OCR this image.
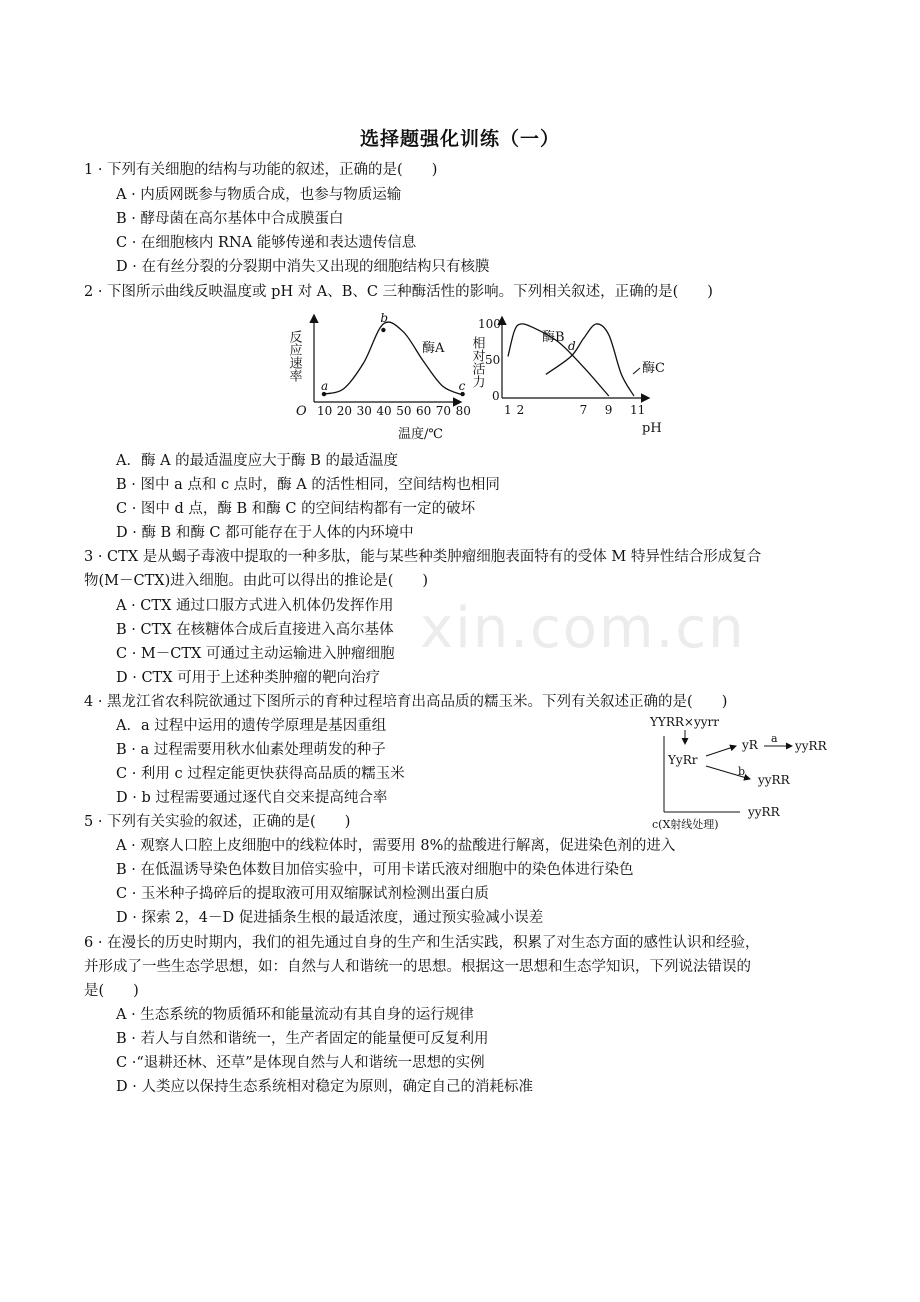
xin.com.cn
选择题强化训练（一）
1 · 下列有关细胞的结构与功能的叙述，正确的是(　　)
A · 内质网既参与物质合成，也参与物质运输
B · 酵母菌在高尔基体中合成膜蛋白
C · 在细胞核内 RNA 能够传递和表达遗传信息
D · 在有丝分裂的分裂期中消失又出现的细胞结构只有核膜
2 · 下图所示曲线反映温度或 pH 对 A、B、C 三种酶活性的影响。下列相关叙述，正确的是(　　)
反应速率
O 10 20 30 40 50 60 70 80
温度/℃
a
b
c
酶A 相对活力
0
50
100
1 2	7 9 11
pH
d
酶B
酶C
A．酶 A 的最适温度应大于酶 B 的最适温度
B · 图中 a 点和 c 点时，酶 A 的活性相同，空间结构也相同
C · 图中 d 点，酶 B 和酶 C 的空间结构都有一定的破坏
D · 酶 B 和酶 C 都可能存在于人体的内环境中
3 · CTX 是从蝎子毒液中提取的一种多肽，能与某些种类肿瘤细胞表面特有的受体 M 特异性结合形成复合
物(M－CTX)进入细胞。由此可以得出的推论是(　　)
A · CTX 通过口服方式进入机体仍发挥作用
B · CTX 在核糖体合成后直接进入高尔基体
C · M－CTX 可通过主动运输进入肿瘤细胞
D · CTX 可用于上述种类肿瘤的靶向治疗
4 · 黑龙江省农科院欲通过下图所示的育种过程培育出高品质的糯玉米。下列有关叙述正确的是(　　)
A．a 过程中运用的遗传学原理是基因重组
B · a 过程需要用秋水仙素处理萌发的种子
C · 利用 c 过程定能更快获得高品质的糯玉米
D · b 过程需要通过逐代自交来提高纯合率
YYRR×yyrr
YyRr
yR a
yyRR
b
yyRR
yyRR
c(X射线处理)
5 · 下列有关实验的叙述，正确的是(　　)
A · 观察人口腔上皮细胞中的线粒体时，需要用 8%的盐酸进行解离，促进染色剂的进入
B · 在低温诱导染色体数目加倍实验中，可用卡诺氏液对细胞中的染色体进行染色
C · 玉米种子捣碎后的提取液可用双缩脲试剂检测出蛋白质
D · 探索 2，4－D 促进插条生根的最适浓度，通过预实验减小误差
6 · 在漫长的历史时期内，我们的祖先通过自身的生产和生活实践，积累了对生态方面的感性认识和经验，
并形成了一些生态学思想，如：自然与人和谐统一的思想。根据这一思想和生态学知识，下列说法错误的
是(　　)
A · 生态系统的物质循环和能量流动有其自身的运行规律
B · 若人与自然和谐统一，生产者固定的能量便可反复利用
C ·“退耕还林、还草”是体现自然与人和谐统一思想的实例
D · 人类应以保持生态系统相对稳定为原则，确定自己的消耗标准
